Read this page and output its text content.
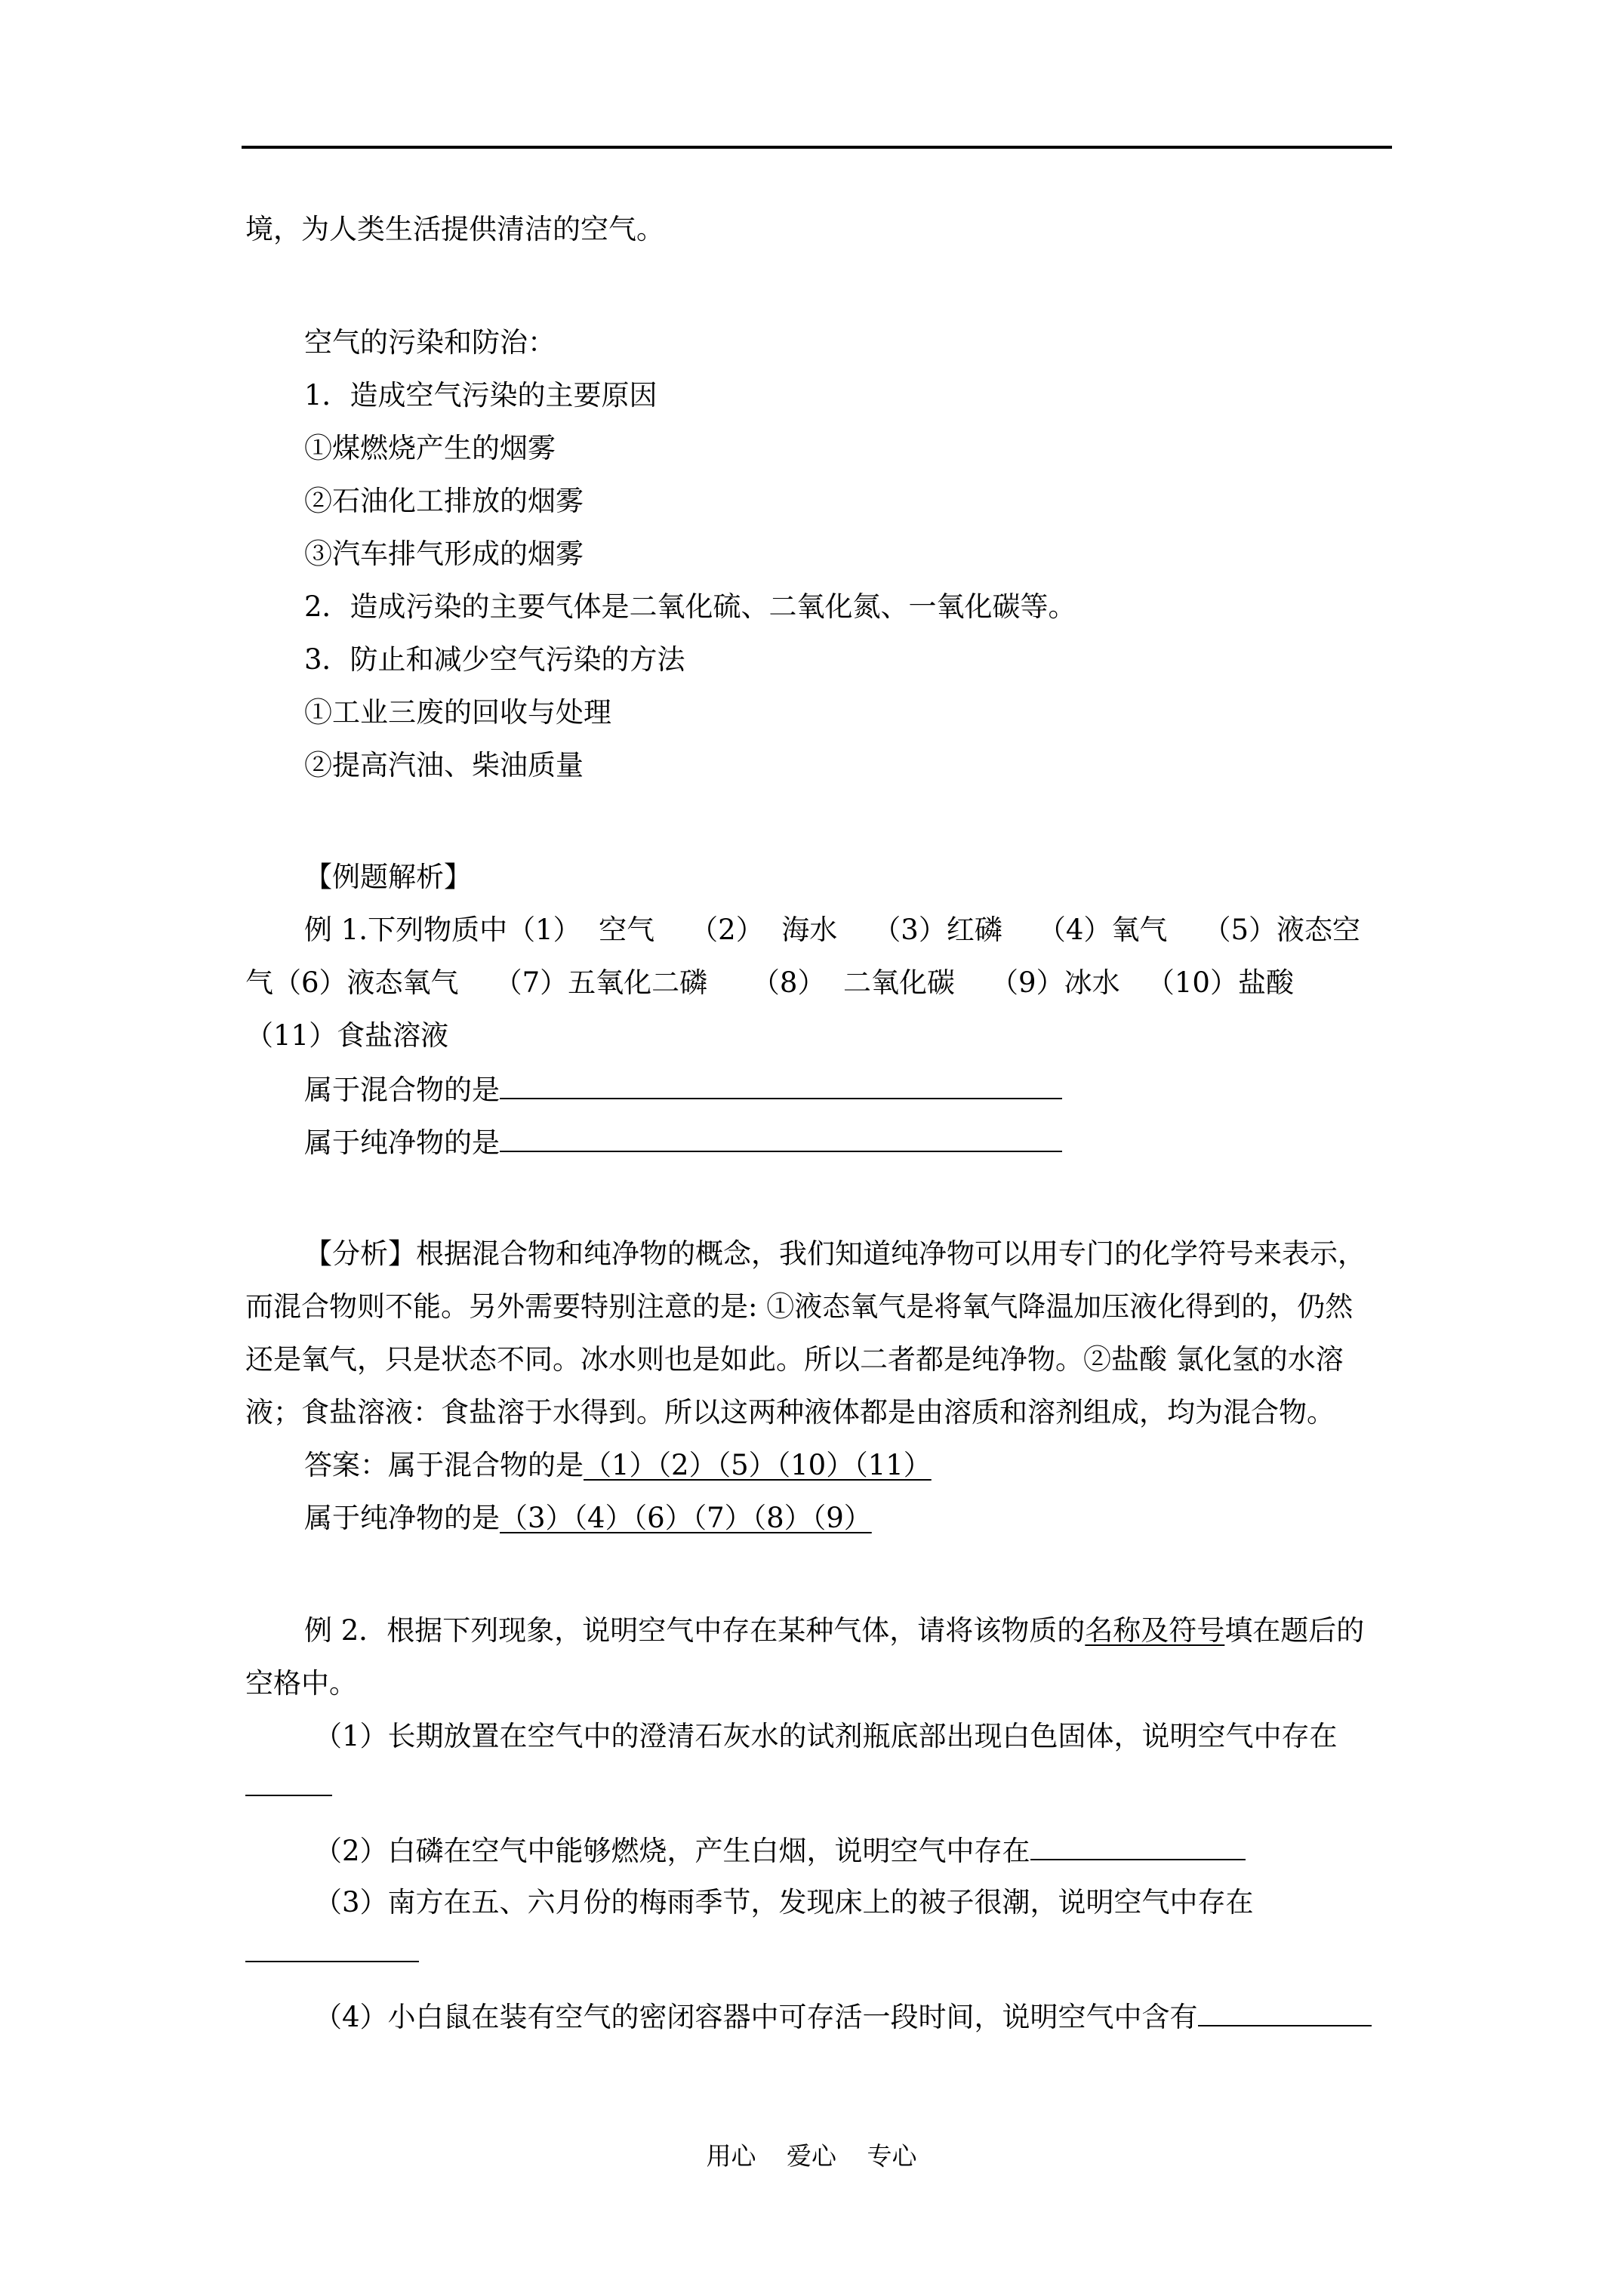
境，为人类生活提供清洁的空气。
空气的污染和防治：
1．造成空气污染的主要原因
①煤燃烧产生的烟雾
②石油化工排放的烟雾
③汽车排气形成的烟雾
2．造成污染的主要气体是二氧化硫、二氧化氮、一氧化碳等。
3．防止和减少空气污染的方法
①工业三废的回收与处理
②提高汽油、柴油质量
【例题解析】
例 1.下列物质中（1）  空气    （2）  海水    （3）红磷    （4）氧气    （5）液态空
气（6）液态氧气    （7）五氧化二磷     （8）  二氧化碳    （9）冰水   （10）盐酸
（11）食盐溶液
属于混合物的是
属于纯净物的是
【分析】根据混合物和纯净物的概念，我们知道纯净物可以用专门的化学符号来表示，
而混合物则不能。另外需要特别注意的是: ①液态氧气是将氧气降温加压液化得到的，仍然
还是氧气，只是状态不同。冰水则也是如此。所以二者都是纯净物。②盐酸 氯化氢的水溶
液；食盐溶液：食盐溶于水得到。所以这两种液体都是由溶质和溶剂组成，均为混合物。
答案：属于混合物的是（1）（2）（5）（10）（11）
属于纯净物的是（3）（4）（6）（7）（8）（9）
例 2．根据下列现象，说明空气中存在某种气体，请将该物质的名称及符号填在题后的
空格中。
（1）长期放置在空气中的澄清石灰水的试剂瓶底部出现白色固体，说明空气中存在
（2）白磷在空气中能够燃烧，产生白烟，说明空气中存在
（3）南方在五、六月份的梅雨季节，发现床上的被子很潮，说明空气中存在
（4）小白鼠在装有空气的密闭容器中可存活一段时间，说明空气中含有
用心 爱心 专心
